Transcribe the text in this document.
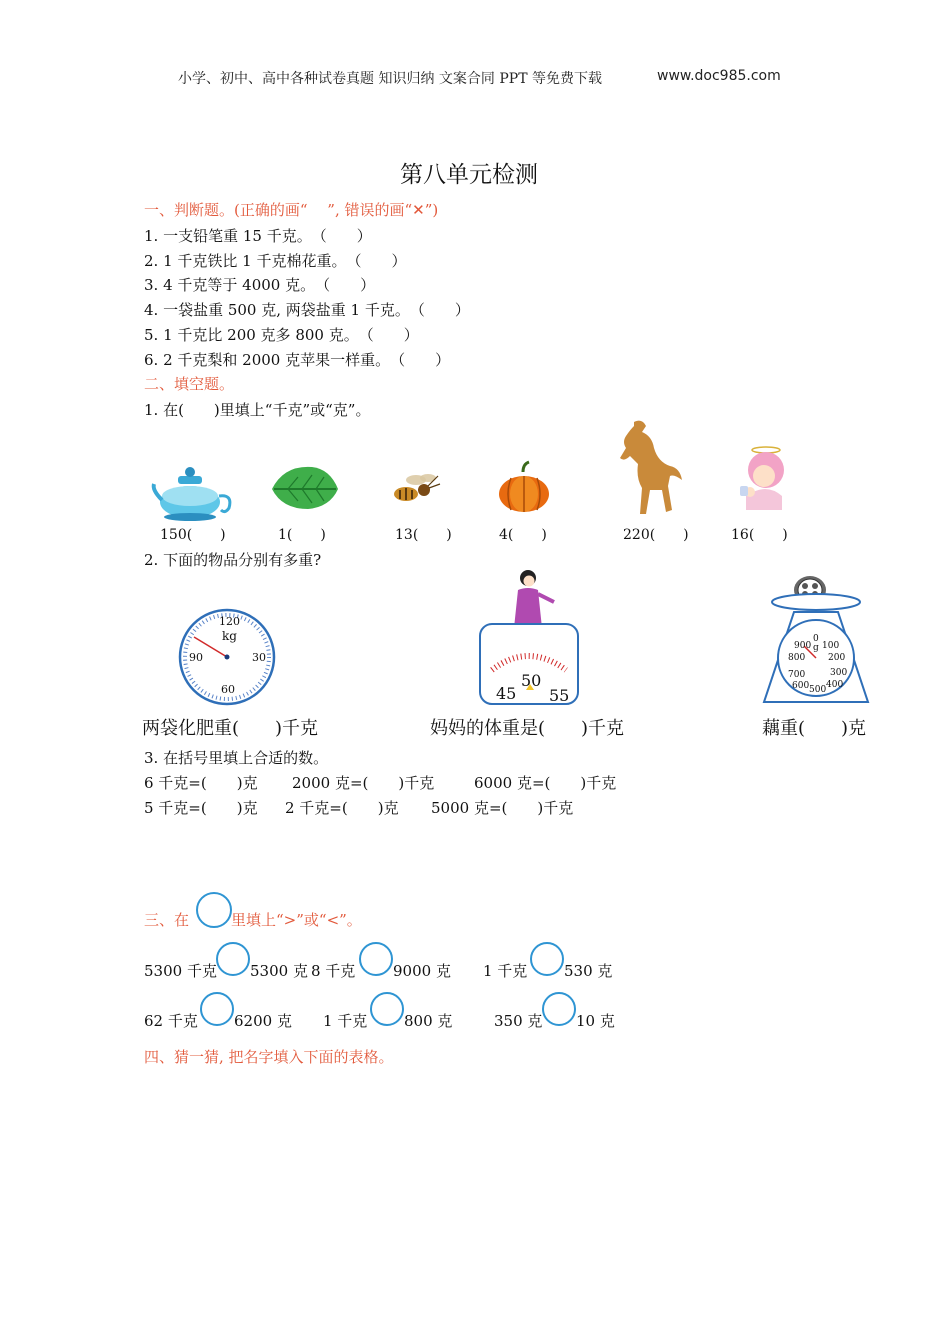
小学、初中、高中各种试卷真题 知识归纳 文案合同 PPT 等免费下载	www.doc985.com
第八单元检测
一、判断题。(正确的画“　 ”, 错误的画“✕”)
1. 一支铅笔重 15 千克。　（　　）
2. 1 千克铁比 1 千克棉花重。　（　　）
3. 4 千克等于 4000 克。　（　　）
4. 一袋盐重 500 克, 两袋盐重 1 千克。　（　　）
5. 1 千克比 200 克多 800 克。　（　　）
6. 2 千克梨和 2000 克苹果一样重。　（　　）
二、填空题。
1. 在(　　)里填上“千克”或“克”。
150(　　)	1(　　)	13(　　)	4(　　)	220(　　)	16(　　)
2. 下面的物品分别有多重?
120
kg
90	30
60	50
45 55
0
g 100
200
300
400
500
600
700
800
900
两袋化肥重(　　)千克	妈妈的体重是(　　)千克	藕重(　　)克
3. 在括号里填上合适的数。
6 千克=(　　)克 2000 克=(　　)千克	6000 克=(　　)千克
5 千克=(　　)克 2 千克=(　　)克 5000 克=(　　)千克
三、在	里填上“>”或“<”。
5300 千克 5300 克 8 千克	9000 克 1 千克 530 克
62 千克 6200 克 1 千克 800 克	350 克 10 克
四、猜一猜, 把名字填入下面的表格。
